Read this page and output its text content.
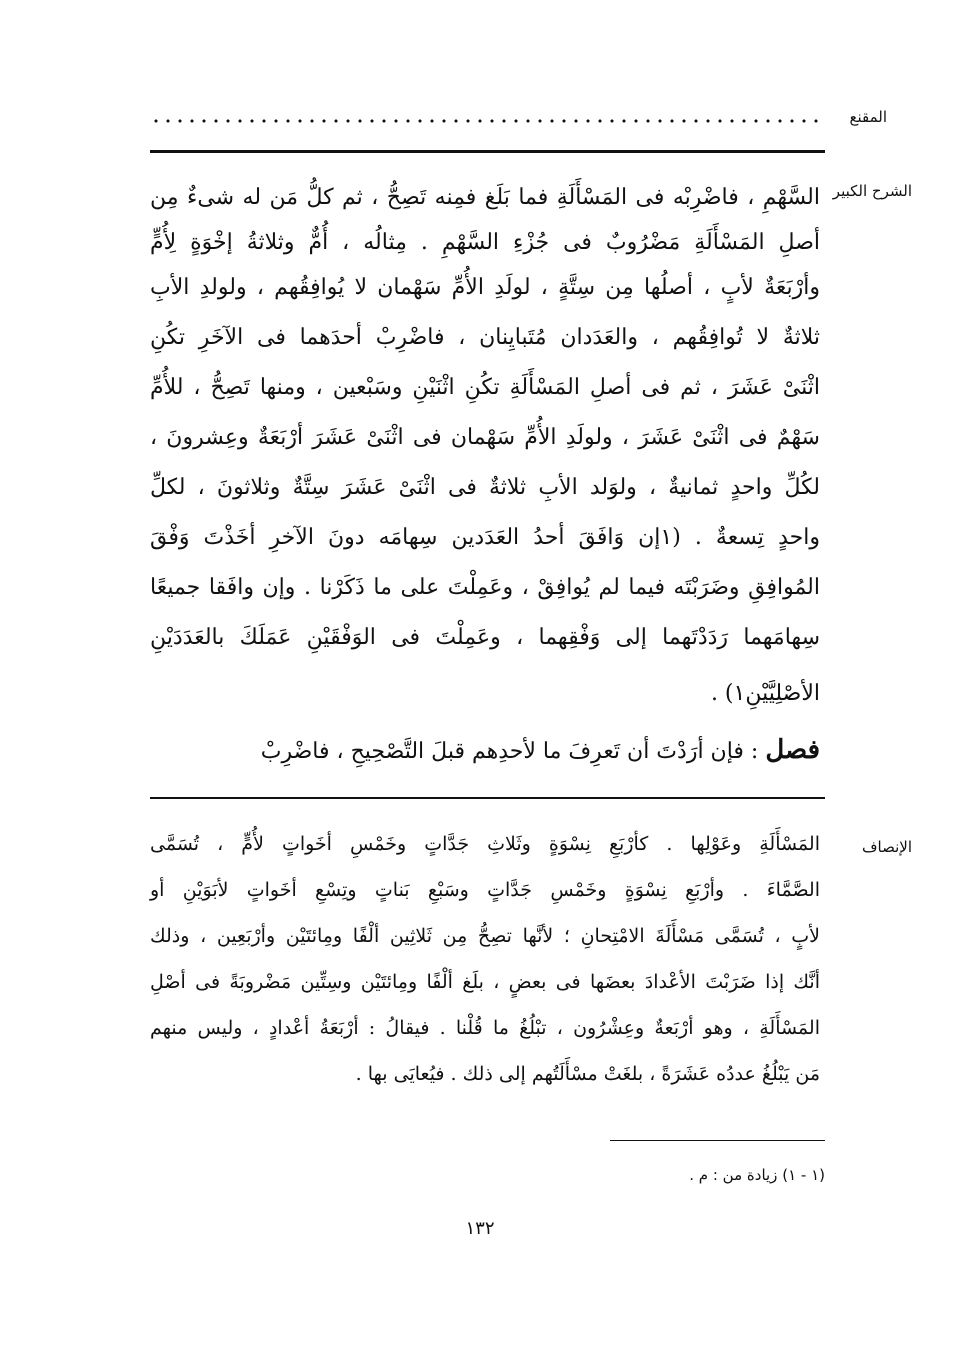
المقنع
الشرح الكبير
السَّهْمِ ، فاضْرِبْه فى المَسْأَلَةِ فما بَلَغ فمِنه تَصِحُّ ، ثم كلُّ مَن له شىءٌ مِن
أصلِ المَسْأَلَةِ مَضْرُوبٌ فى جُزْءِ السَّهْمِ . مِثالُه ، أُمٌّ وثلاثةُ إخْوَةٍ لِأُمٍّ
وأرْبَعَةٌ لأبٍ ، أصلُها مِن سِتَّةٍ ، لولَدِ الأُمِّ سَهْمان لا يُوافِقُهم ، ولولدِ الأبِ
ثلاثةٌ لا تُوافِقُهم ، والعَدَدان مُتَبايِنان ، فاضْرِبْ أحدَهما فى الآخَرِ تكُنِ
اثْنَىْ عَشَرَ ، ثم فى أصلِ المَسْأَلَةِ تكُنِ اثْنَيْنِ وسَبْعين ، ومنها تَصِحُّ ، للأُمِّ
سَهْمٌ فى اثْنَىْ عَشَرَ ، ولولَدِ الأُمِّ سَهْمان فى اثْنَىْ عَشَرَ أرْبَعَةٌ وعِشرونَ ،
لكُلِّ واحدٍ ثمانيةٌ ، ولوَلد الأبِ ثلاثةٌ فى اثْنَىْ عَشَرَ سِتَّةٌ وثلاثونَ ، لكلِّ
واحدٍ تِسعةٌ . (١إن وَافَقَ أحدُ العَدَدين سِهامَه دونَ الآخرِ أخَذْتَ وَفْقَ
المُوافِقِ وضَرَبْتَه فيما لم يُوافِقْ ، وعَمِلْتَ على ما ذَكَرْنا . وإن وافَقا جميعًا
سِهامَهما رَدَدْتَهما إلى وَفْقِهما ، وعَمِلْتَ فى الوَفْقَيْنِ عَمَلَكَ بالعَدَدَيْنِ
الأصْلِيَّيْنِ١) .
فصل : فإن أرَدْتَ أن تَعرِفَ ما لأحدِهم قبلَ التَّصْحِيحِ ، فاضْرِبْ
الإنصاف
المَسْأَلَةِ وعَوْلِها . كأرْبَعِ نِسْوَةٍ وثَلاثِ جَدَّاتٍ وخَمْسِ أخَواتٍ لأُمٍّ ، تُسَمَّى
الصَّمَّاءَ . وأرْبَعِ نِسْوَةٍ وخَمْسِ جَدَّاتٍ وسَبْعِ بَناتٍ وتِسْعِ أخَواتٍ لأبَوَيْنِ أو
لأبٍ ، تُسَمَّى مَسْأَلَةَ الامْتِحانِ ؛ لأنَّها تصِحُّ مِن ثَلاثِين ألْفًا ومِائتَيْن وأرْبَعِين ، وذلك
أنَّك إذا ضَرَبْتَ الأعْدادَ بعضَها فى بعضٍ ، بلَغ ألْفًا ومِائتَيْن وسِتِّين مَضْروبَةً فى أصْلِ
المَسْأَلَةِ ، وهو أرْبَعةٌ وعِشْرُون ، تبْلُغُ ما قُلْنا . فيقالُ : أرْبَعَةُ أعْدادٍ ، وليس منهم
مَن يَبْلُغُ عددُه عَشَرَةً ، بلغَتْ مسْأَلَتُهم إلى ذلك . فيُعايَى بها .
(١ - ١) زيادة من : م .
١٣٢
